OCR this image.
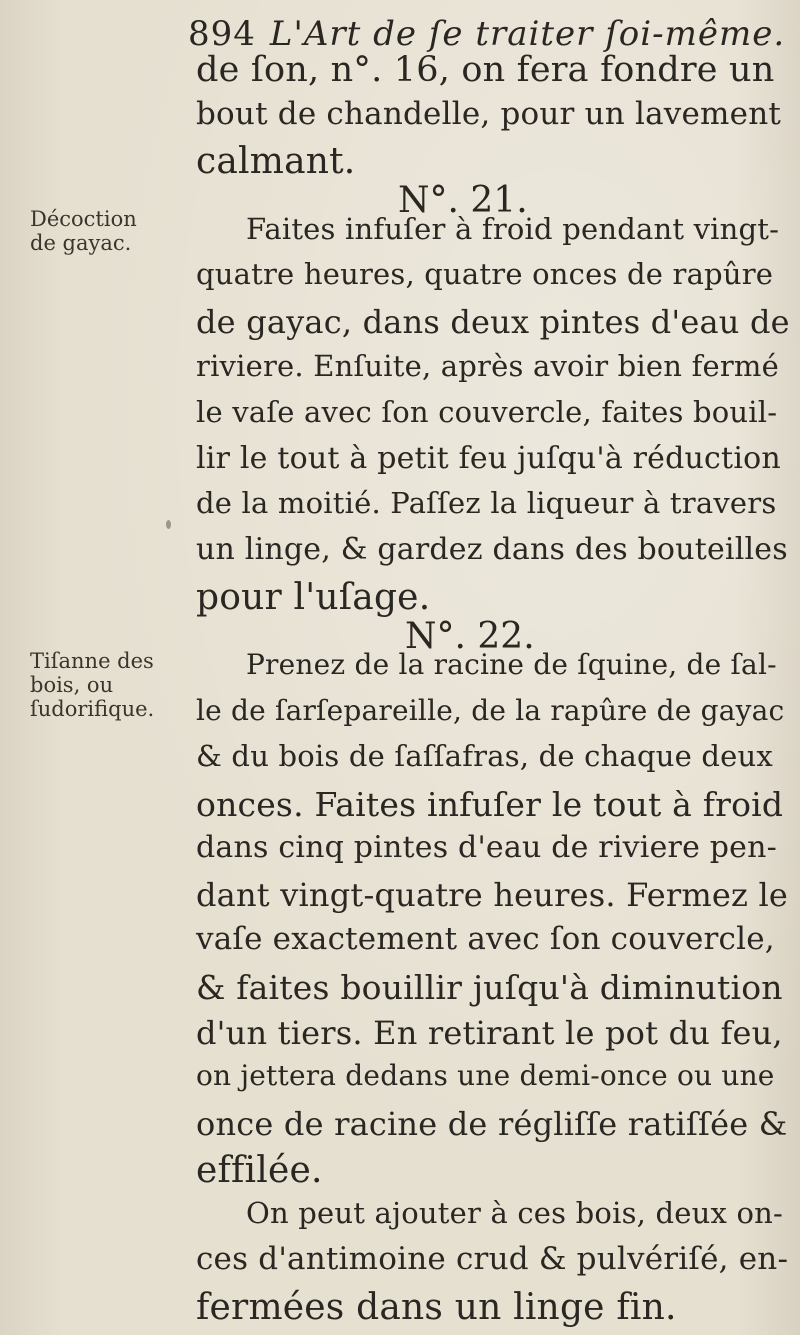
894 L'Art de ſe traiter ſoi-même.
de ſon, n°. 16, on fera fondre un
bout de chandelle, pour un lavement
calmant.
N°. 21.
Décoction
de gayac.	Faites infuſer à froid pendant vingt-
quatre heures, quatre onces de rapûre
de gayac, dans deux pintes d'eau de
riviere. Enſuite, après avoir bien fermé
le vaſe avec ſon couvercle, faites bouil-
lir le tout à petit feu juſqu'à réduction
de la moitié. Paſſez la liqueur à travers
un linge, & gardez dans des bouteilles
pour l'uſage.
N°. 22.
Tiſanne des
bois, ou
ſudorifique.
Prenez de la racine de ſquine, de ſal-
le de ſarſepareille, de la rapûre de gayac
& du bois de ſaſſafras, de chaque deux
onces. Faites infuſer le tout à froid
dans cinq pintes d'eau de riviere pen-
dant vingt-quatre heures. Fermez le
vaſe exactement avec ſon couvercle,
& faites bouillir juſqu'à diminution
d'un tiers. En retirant le pot du feu,
on jettera dedans une demi-once ou une
once de racine de régliſſe ratiſſée &
effilée.
On peut ajouter à ces bois, deux on-
ces d'antimoine crud & pulvériſé, en-
fermées dans un linge fin.
